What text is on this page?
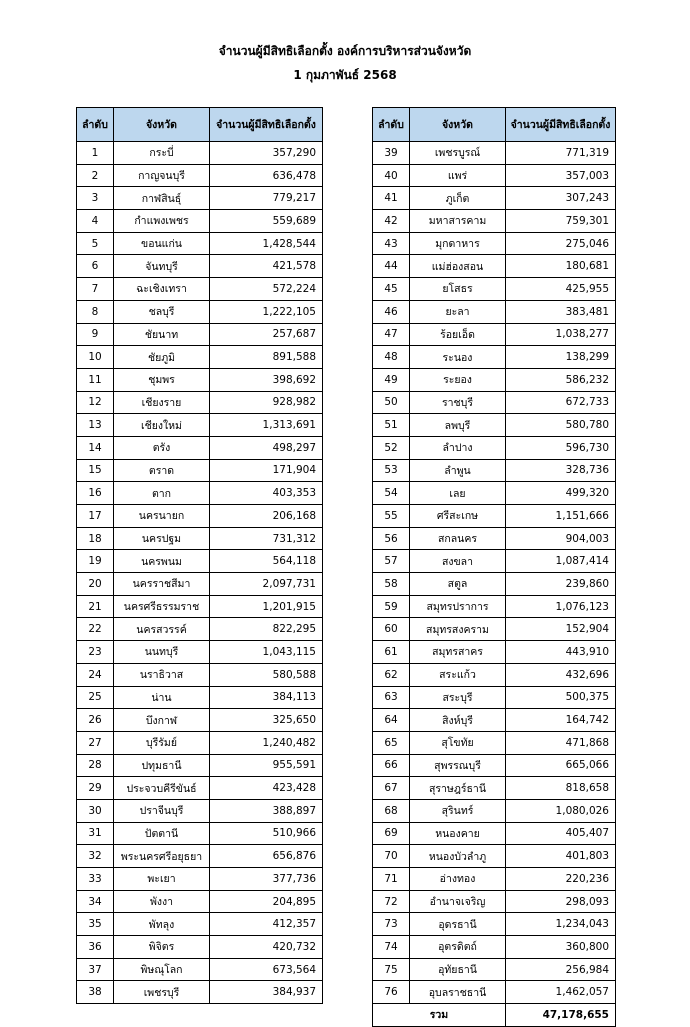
จำนวนผู้มีสิทธิเลือกตั้ง องค์การบริหารส่วนจังหวัด
1 กุมภาพันธ์ 2568
ลำดับ	จังหวัด	จำนวนผู้มีสิทธิเลือกตั้ง
1	กระบี่	357,290
2	กาญจนบุรี	636,478
3	กาฬสินธุ์	779,217
4	กำแพงเพชร	559,689
5	ขอนแก่น	1,428,544
6	จันทบุรี	421,578
7	ฉะเชิงเทรา	572,224
8	ชลบุรี	1,222,105
9	ชัยนาท	257,687
10	ชัยภูมิ	891,588
11	ชุมพร	398,692
12	เชียงราย	928,982
13	เชียงใหม่	1,313,691
14	ตรัง	498,297
15	ตราด	171,904
16	ตาก	403,353
17	นครนายก	206,168
18	นครปฐม	731,312
19	นครพนม	564,118
20	นครราชสีมา	2,097,731
21	นครศรีธรรมราช	1,201,915
22	นครสวรรค์	822,295
23	นนทบุรี	1,043,115
24	นราธิวาส	580,588
25	น่าน	384,113
26	บึงกาฬ	325,650
27	บุรีรัมย์	1,240,482
28	ปทุมธานี	955,591
29	ประจวบคีรีขันธ์	423,428
30	ปราจีนบุรี	388,897
31	ปัตตานี	510,966
32	พระนครศรีอยุธยา	656,876
33	พะเยา	377,736
34	พังงา	204,895
35	พัทลุง	412,357
36	พิจิตร	420,732
37	พิษณุโลก	673,564
38	เพชรบุรี	384,937
ลำดับ	จังหวัด	จำนวนผู้มีสิทธิเลือกตั้ง
39	เพชรบูรณ์	771,319
40	แพร่	357,003
41	ภูเก็ต	307,243
42	มหาสารคาม	759,301
43	มุกดาหาร	275,046
44	แม่ฮ่องสอน	180,681
45	ยโสธร	425,955
46	ยะลา	383,481
47	ร้อยเอ็ด	1,038,277
48	ระนอง	138,299
49	ระยอง	586,232
50	ราชบุรี	672,733
51	ลพบุรี	580,780
52	ลำปาง	596,730
53	ลำพูน	328,736
54	เลย	499,320
55	ศรีสะเกษ	1,151,666
56	สกลนคร	904,003
57	สงขลา	1,087,414
58	สตูล	239,860
59	สมุทรปราการ	1,076,123
60	สมุทรสงคราม	152,904
61	สมุทรสาคร	443,910
62	สระแก้ว	432,696
63	สระบุรี	500,375
64	สิงห์บุรี	164,742
65	สุโขทัย	471,868
66	สุพรรณบุรี	665,066
67	สุราษฎร์ธานี	818,658
68	สุรินทร์	1,080,026
69	หนองคาย	405,407
70	หนองบัวลำภู	401,803
71	อ่างทอง	220,236
72	อำนาจเจริญ	298,093
73	อุดรธานี	1,234,043
74	อุตรดิตถ์	360,800
75	อุทัยธานี	256,984
76	อุบลราชธานี	1,462,057
รวม		47,178,655
